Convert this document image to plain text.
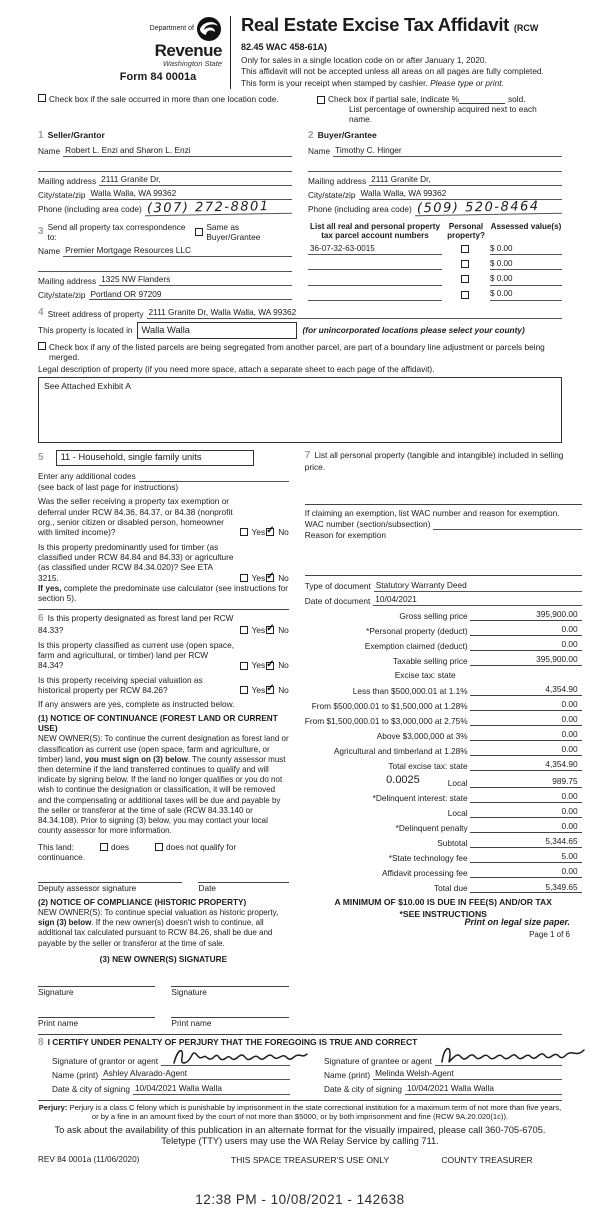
Department of
Revenue
Washington State
Form 84 0001a
Real Estate Excise Tax Affidavit (RCW 82.45 WAC 458-61A)
Only for sales in a single location code on or after January 1, 2020.
This affidavit will not be accepted unless all areas on all pages are fully completed.
This form is your receipt when stamped by cashier. Please type or print.
Check box if the sale occurred in more than one location code.	Check box if partial sale, indicate %	sold.
List percentage of ownership acquired next to each name.
1 Seller/Grantor
Name Robert L. Enzi and Sharon L. Enzi
Mailing address 2111 Granite Dr,
City/state/zip Walla Walla, WA 99362
Phone (including area code) (307) 272-8801
2 Buyer/Grantee
Name Timothy C. Hinger
Mailing address 2111 Granite Dr,
City/state/zip Walla Walla, WA 99362
Phone (including area code) (509) 520-8464
3 Send all property tax correspondence to:
Same as Buyer/Grantee
Name Premier Mortgage Resources LLC
Mailing address 1325 NW Flanders
City/state/zip Portland OR 97209
List all real and personal property tax parcel account numbers
Personal property?
Assessed value(s)
36-07-32-63-0015	$ 0.00
$ 0.00
$ 0.00
$ 0.00
4 Street address of property 2111 Granite Dr, Walla Walla, WA 99362
This property is located in Walla Walla	(for unincorporated locations please select your county)
Check box if any of the listed parcels are being segregated from another parcel, are part of a boundary line adjustment or parcels being merged.
Legal description of property (if you need more space, attach a separate sheet to each page of the affidavit).
See Attached Exhibit A
5	11 - Household, single family units
Enter any additional codes
(see back of last page for instructions)
Was the seller receiving a property tax exemption or deferral under RCW 84.36, 84.37, or 84.38 (nonprofit org., senior citizen or disabled person, homeowner with limited income)?	Yes ✓ No
Is this property predominantly used for timber (as classified under RCW 84.84 and 84.33) or agriculture (as classified under RCW 84.34.020)? See ETA 3215.	Yes ✓ No
If yes, complete the predominate use calculator (see instructions for section 5).
6 Is this property designated as forest land per RCW 84.33?	Yes ✓ No
Is this property classified as current use (open space, farm and agricultural, or timber) land per RCW 84.34?	Yes ✓ No
Is this property receiving special valuation as historical property per RCW 84.26?	Yes ✓ No
If any answers are yes, complete as instructed below.
(1) NOTICE OF CONTINUANCE (FOREST LAND OR CURRENT USE)
NEW OWNER(S): To continue the current designation as forest land or classification as current use (open space, farm and agriculture, or timber) land, you must sign on (3) below. The county assessor must then determine if the land transferred continues to qualify and will indicate by signing below. If the land no longer qualifies or you do not wish to continue the designation or classification, it will be removed and the compensating or additional taxes will be due and payable by the seller or transferor at the time of sale (RCW 84.33.140 or 84.34.108). Prior to signing (3) below, you may contact your local county assessor for more information.
This land:	does	does not qualify for
continuance.
Deputy assessor signature	Date
(2) NOTICE OF COMPLIANCE (HISTORIC PROPERTY)
NEW OWNER(S): To continue special valuation as historic property, sign (3) below. If the new owner(s) doesn't wish to continue, all additional tax calculated pursuant to RCW 84.26, shall be due and payable by the seller or transferor at the time of sale.
(3) NEW OWNER(S) SIGNATURE
Signature	Signature
Print name	Print name
7 List all personal property (tangible and intangible) included in selling price.
If claiming an exemption, list WAC number and reason for exemption.
WAC number (section/subsection)
Reason for exemption
Type of document Statutory Warranty Deed
Date of document 10/04/2021
Gross selling price	395,900.00
*Personal property (deduct)	0.00
Exemption claimed (deduct)	0.00
Taxable selling price	395,900.00
Excise tax: state
Less than $500,000.01 at 1.1%	4,354.90
From $500,000.01 to $1,500,000 at 1.28%	0.00
From $1,500,000.01 to $3,000,000 at 2.75%	0.00
Above $3,000,000 at 3%	0.00
Agricultural and timberland at 1.28%	0.00
Total excise tax: state	4,354.90
0.0025	Local	989.75
*Delinquent interest: state	0.00
Local	0.00
*Delinquent penalty	0.00
Subtotal	5,344.65
*State technology fee	5.00
Affidavit processing fee	0.00
Total due	5,349.65
A MINIMUM OF $10.00 IS DUE IN FEE(S) AND/OR TAX
*SEE INSTRUCTIONS
8 I CERTIFY UNDER PENALTY OF PERJURY THAT THE FOREGOING IS TRUE AND CORRECT
Signature of grantor or agent
Name (print) Ashley Alvarado-Agent
Date & city of signing 10/04/2021 Walla Walla
Signature of grantee or agent
Name (print) Melinda Welsh-Agent
Date & city of signing 10/04/2021 Walla Walla
Perjury: Perjury is a class C felony which is punishable by imprisonment in the state correctional institution for a maximum term of not more than five years, or by a fine in an amount fixed by the court of not more than $5000, or by both imprisonment and fine (RCW 9A.20.020(1c)).
To ask about the availability of this publication in an alternate format for the visually impaired, please call 360-705-6705. Teletype (TTY) users may use the WA Relay Service by calling 711.
REV 84 0001a (11/06/2020)	THIS SPACE TREASURER'S USE ONLY	COUNTY TREASURER
12:38 PM - 10/08/2021 - 142638
Print on legal size paper.
Page 1 of 6
